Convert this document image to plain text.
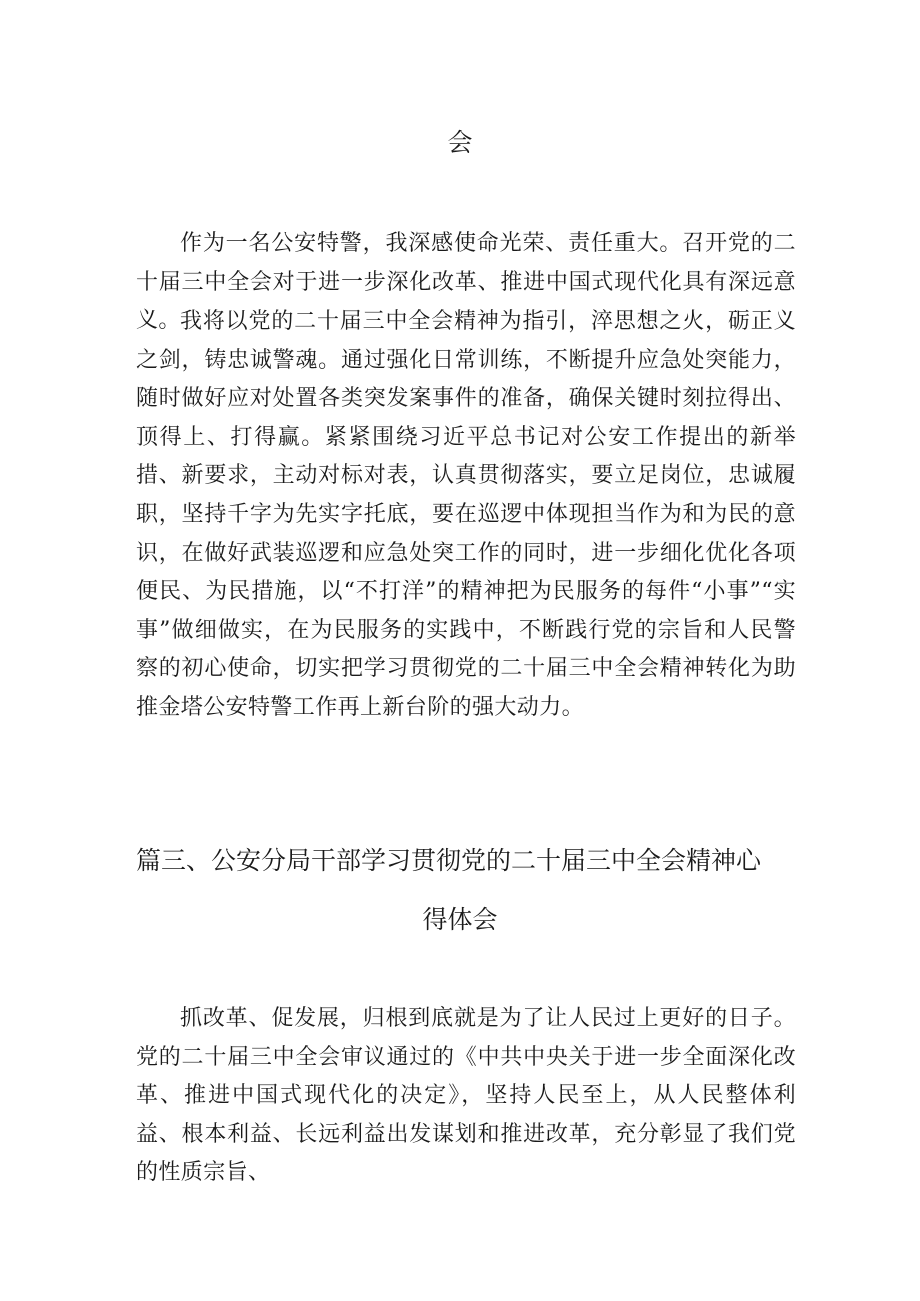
会

作为一名公安特警，我深感使命光荣、责任重大。召开党的二十届三中全会对于进一步深化改革、推进中国式现代化具有深远意义。 我将以党的二十届三中全会精神为指引，淬思想之火，砺正义之剑，铸忠诚警魂。通过强化日常训练，不断提升应急处突能力，随时做好应对处置各类突发案事件的准备，确保关键时刻拉得出、顶得上、打得赢。紧紧围绕习近平总书记对公安工作提出的新举措、新要求，主动对标对表，认真贯彻落实，要立足岗位，忠诚履职，坚持千字为先实字托底，要在巡逻中体现担当作为和为民的意识，在做好武装巡逻和应急处突工作的同时，进一步细化优化各项便民、为民措施，以“不打洋”的精神把为民服务的每件“小事”“实事”做细做实，在为民服务的实践中，不断践行党的宗旨和人民警察的初心使命，切实把学习贯彻党的二十届三中全会精神转化为助推金塔公安特警工作再上新台阶的强大动力。

篇三、公安分局干部学习贯彻党的二十届三中全会精神心
得体会

抓改革、促发展，归根到底就是为了让人民过上更好的日子。党的二十届三中全会审议通过的《中共中央关于进一步全面深化改革、推进中国式现代化的决定》，坚持人民至上，从人民整体利益、根本利益、长远利益出发谋划和推进改革，充分彰显了我们党的性质宗旨、
